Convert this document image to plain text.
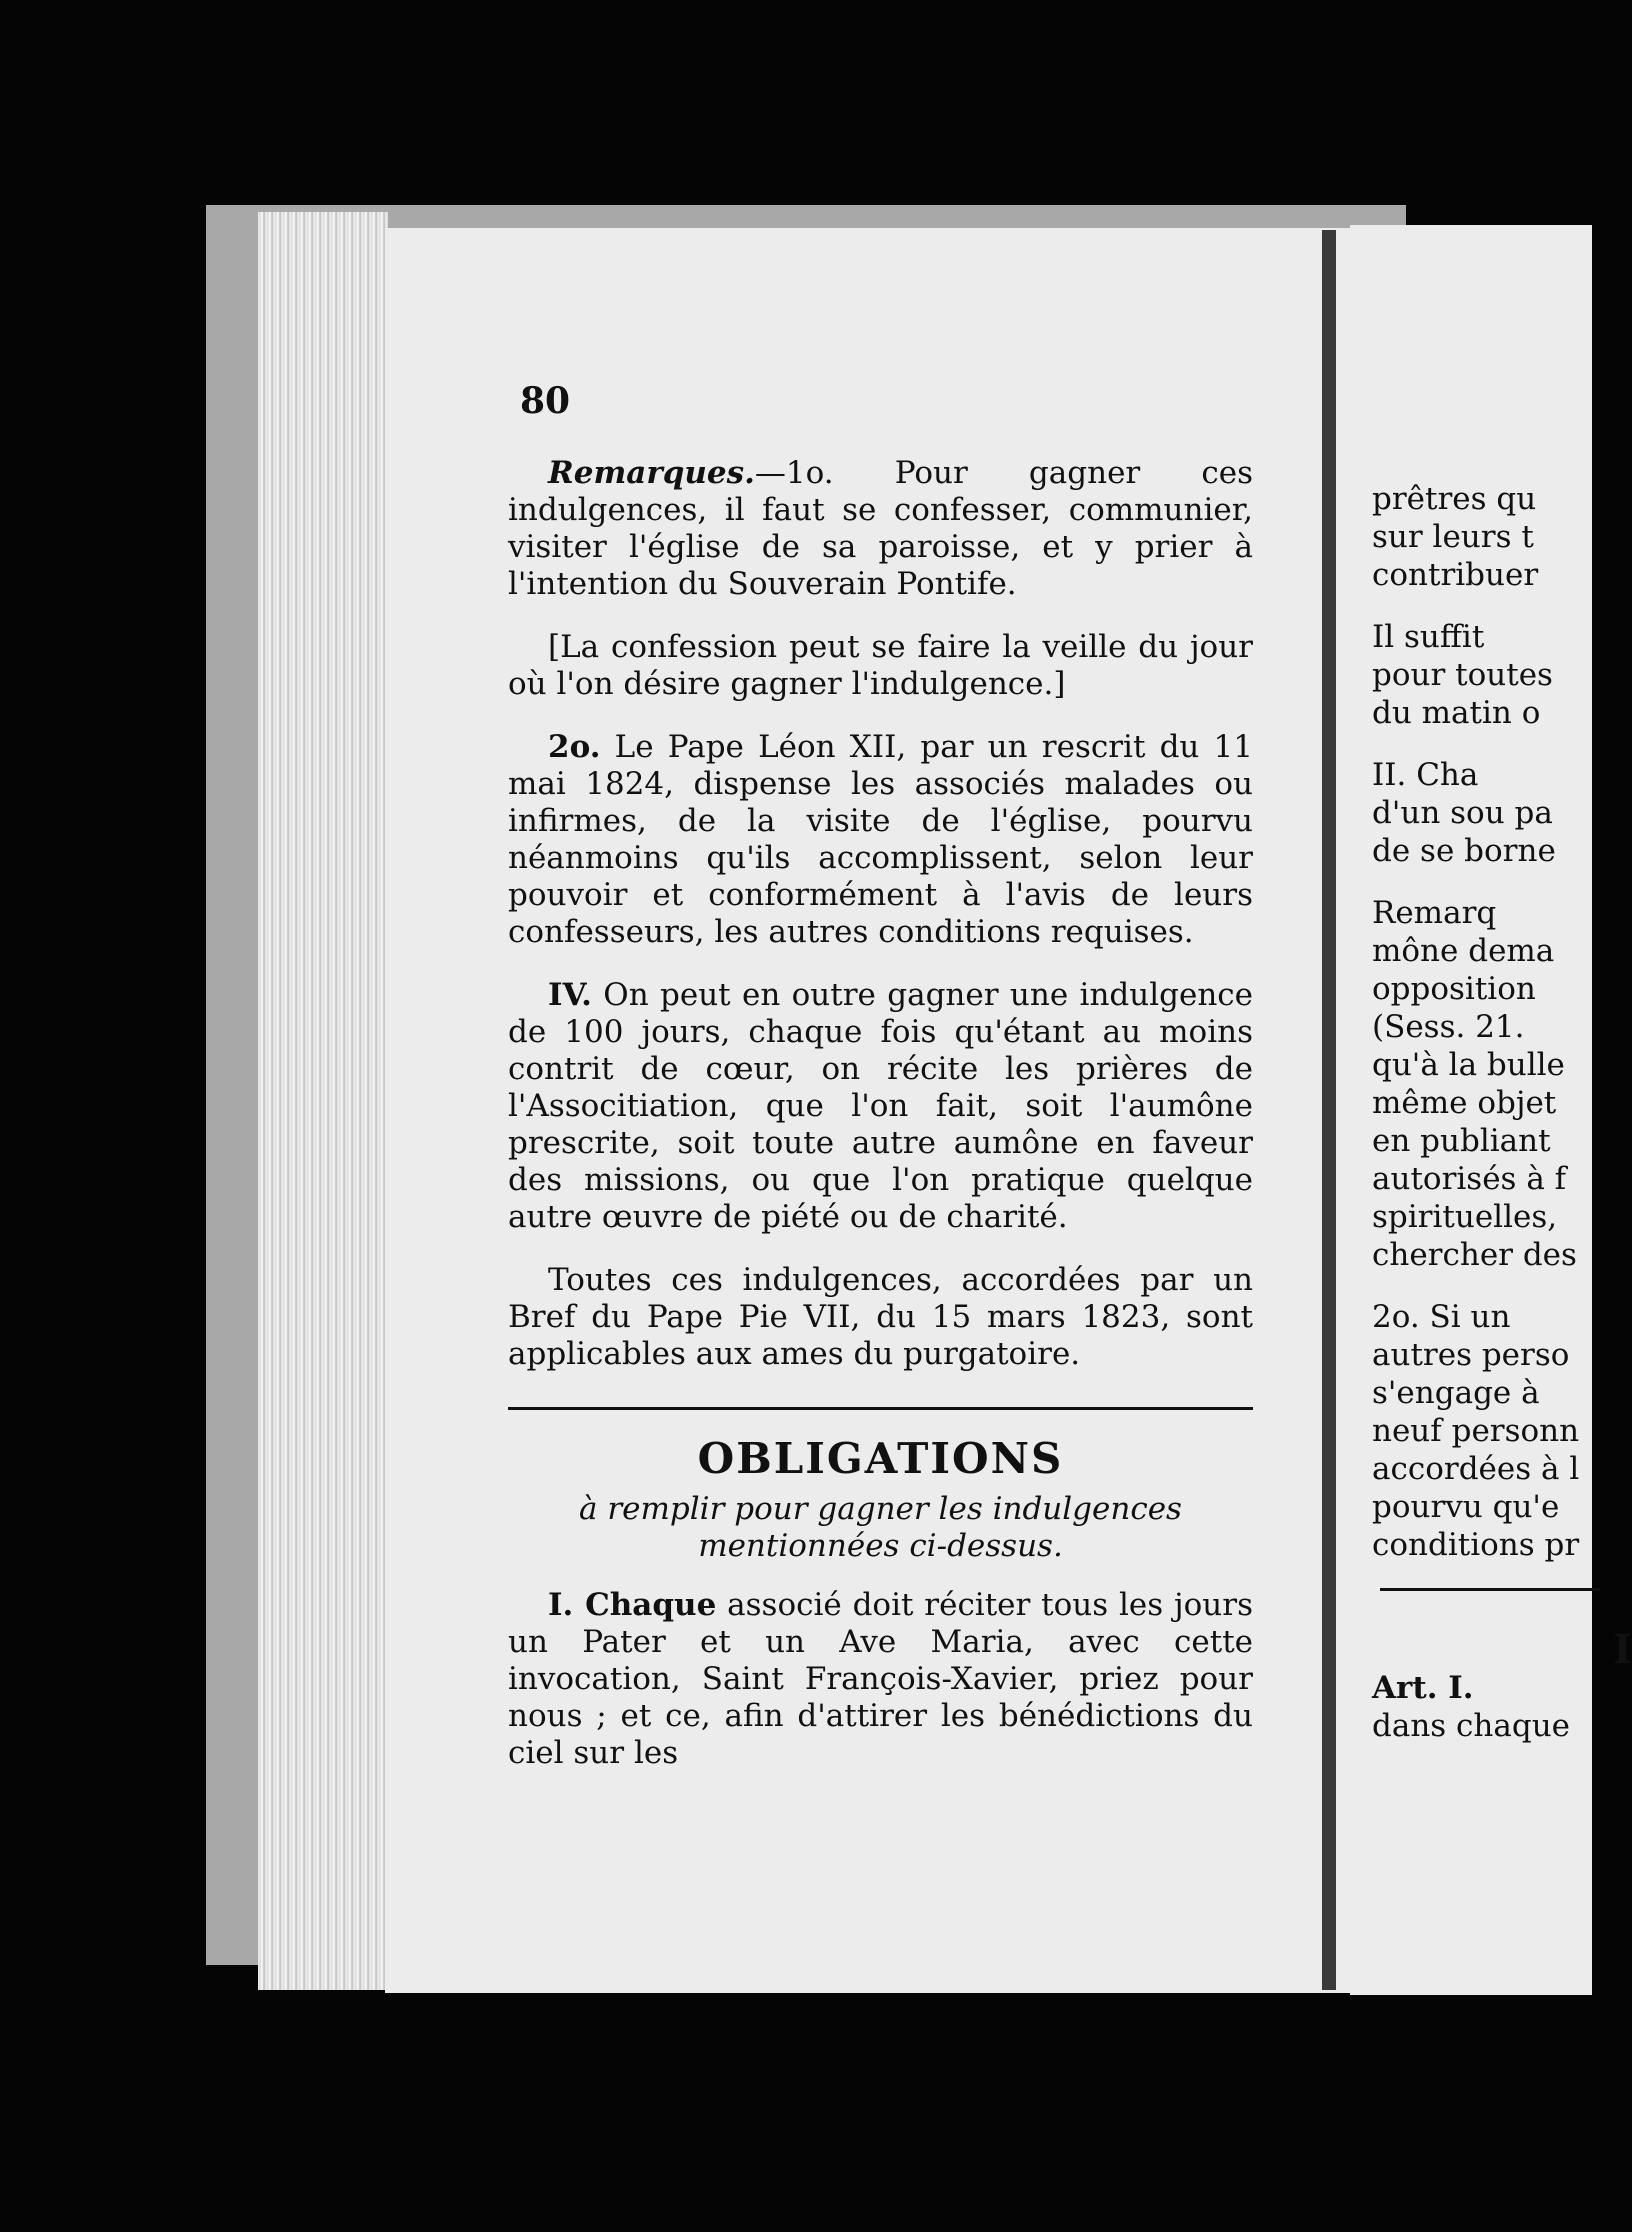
80

Remarques.—1o. Pour gagner ces indulgences, il faut se confesser, communier, visiter l'église de sa paroisse, et y prier à l'intention du Souverain Pontife.

[La confession peut se faire la veille du jour où l'on désire gagner l'indulgence.]

2o. Le Pape Léon XII, par un rescrit du 11 mai 1824, dispense les associés malades ou infirmes, de la visite de l'église, pourvu néanmoins qu'ils accomplissent, selon leur pouvoir et conformément à l'avis de leurs confesseurs, les autres conditions requises.

IV. On peut en outre gagner une indulgence de 100 jours, chaque fois qu'étant au moins contrit de cœur, on récite les prières de l'Associtiation, que l'on fait, soit l'aumône prescrite, soit toute autre aumône en faveur des missions, ou que l'on pratique quelque autre œuvre de piété ou de charité.

Toutes ces indulgences, accordées par un Bref du Pape Pie VII, du 15 mars 1823, sont applicables aux ames du purgatoire.

OBLIGATIONS
à remplir pour gagner les indulgences mentionnées ci-dessus.

I. Chaque associé doit réciter tous les jours un Pater et un Ave Maria, avec cette invocation, Saint François-Xavier, priez pour nous ; et ce, afin d'attirer les bénédictions du ciel sur les

prêtres qu
sur leurs t
contribuer
Il suffit
pour toutes
du matin o
II. Cha
d'un sou pa
de se borne
Remarq
mône dema
opposition
(Sess. 21.
qu'à la bulle
même objet
en publiant
autorisés à f
spirituelles,
chercher des
2o. Si un
autres perso
s'engage à
neuf personn
accordées à l
pourvu qu'e
conditions pr
I
Art. I.
dans chaque
